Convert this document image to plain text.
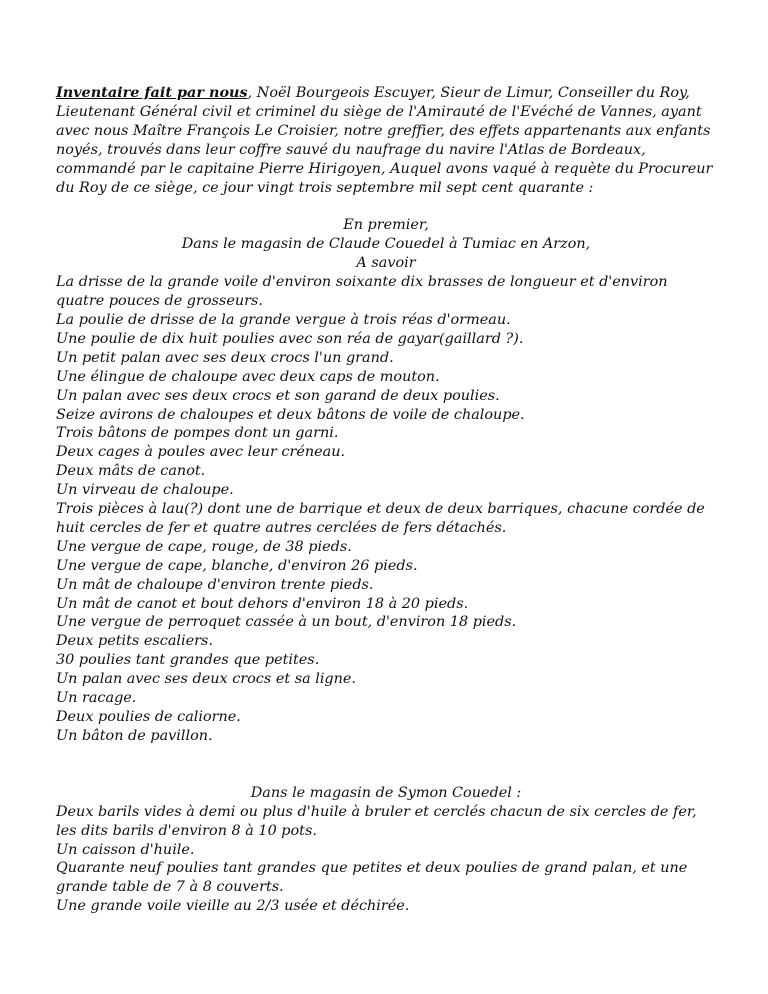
Inventaire fait par nous, Noël Bourgeois Escuyer, Sieur de Limur, Conseiller du Roy, Lieutenant Général civil et criminel du siège de l'Amirauté de l'Evéché de Vannes, ayant avec nous Maître François Le Croisier, notre greffier, des effets appartenants aux enfants noyés, trouvés dans leur coffre sauvé du naufrage du navire l'Atlas de Bordeaux, commandé par le capitaine Pierre Hirigoyen, Auquel avons vaqué à requète du Procureur du Roy de ce siège, ce jour vingt trois septembre mil sept cent quarante :

En premier,
Dans le magasin de Claude Couedel à Tumiac en Arzon,
A savoir
La drisse de la grande voile d'environ soixante dix brasses de longueur et d'environ quatre pouces de grosseurs.
La poulie de drisse de la grande vergue à trois réas d'ormeau.
Une poulie de dix huit poulies avec son réa de gayar(gaillard ?).
Un petit palan avec ses deux crocs l'un grand.
Une élingue de chaloupe avec deux caps de mouton.
Un palan avec ses deux crocs et son garand de deux poulies.
Seize avirons de chaloupes et deux bâtons de voile de chaloupe.
Trois bâtons de pompes dont un garni.
Deux cages à poules avec leur créneau.
Deux mâts de canot.
Un virveau de chaloupe.
Trois pièces à lau(?) dont une de barrique et deux de deux barriques, chacune cordée de huit cercles de fer et quatre autres cerclées de fers détachés.
Une vergue de cape, rouge, de 38 pieds.
Une vergue de cape, blanche, d'environ 26 pieds.
Un mât de chaloupe d'environ trente pieds.
Un mât de canot et bout dehors d'environ 18 à 20 pieds.
Une vergue de perroquet cassée à un bout, d'environ 18 pieds.
Deux petits escaliers.
30 poulies tant grandes que petites.
Un palan avec ses deux crocs et sa ligne.
Un racage.
Deux poulies de caliorne.
Un bâton de pavillon.
Dans le magasin de Symon Couedel :
Deux barils vides à demi ou plus d'huile à bruler et cerclés chacun de six cercles de fer, les dits barils d'environ 8 à 10 pots.
Un caisson d'huile.
Quarante neuf poulies tant grandes que petites et deux poulies de grand palan, et une grande table de 7 à 8 couverts.
Une grande voile vieille au 2/3 usée et déchirée.
